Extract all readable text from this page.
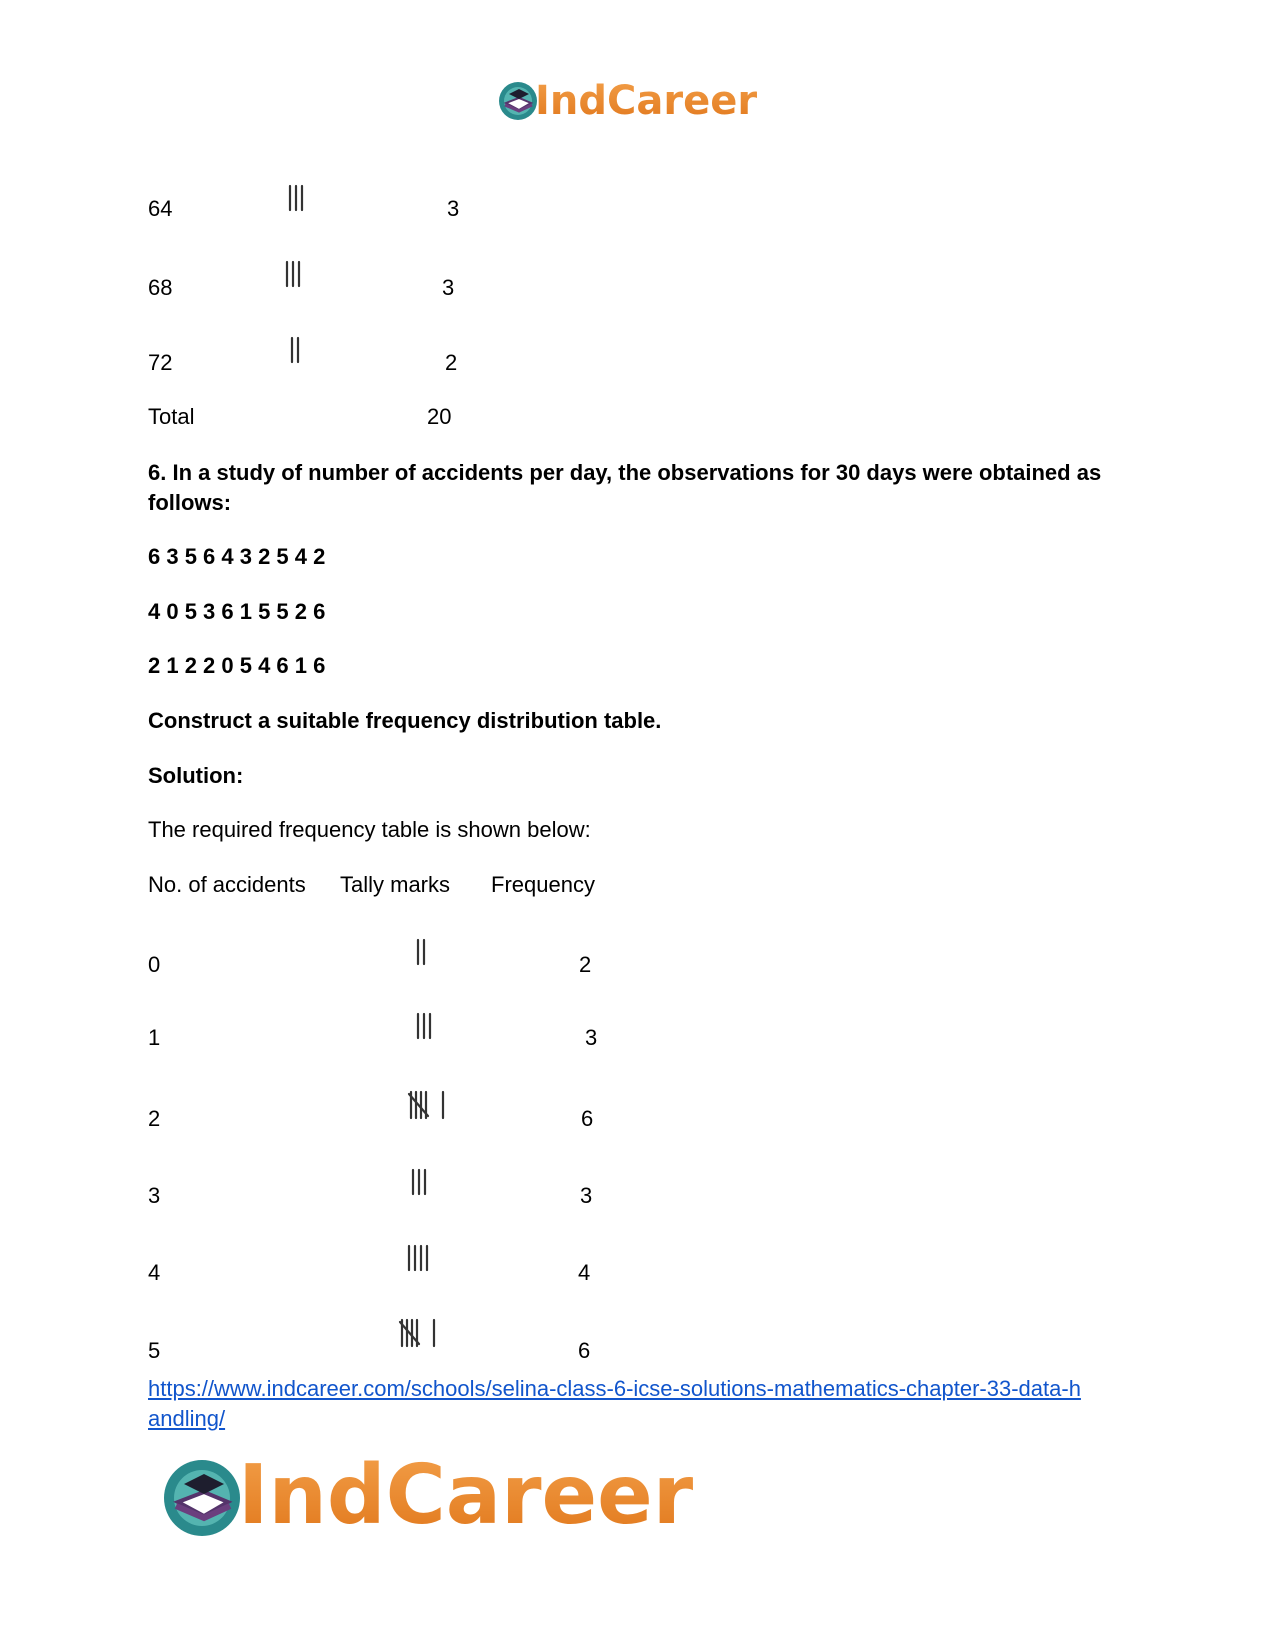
IndCareer
64	3
68	3
72	2
Total	20
6. In a study of number of accidents per day, the observations for 30 days were obtained as follows:
6 3 5 6 4 3 2 5 4 2
4 0 5 3 6 1 5 5 2 6
2 1 2 2 0 5 4 6 1 6
Construct a suitable frequency distribution table.
Solution:
The required frequency table is shown below:
No. of accidents Tally marks Frequency
0	2
1	3
2	6
3	3
4	4
5	6
https://www.indcareer.com/schools/selina-class-6-icse-solutions-mathematics-chapter-33-data-h
andling/
IndCareer
